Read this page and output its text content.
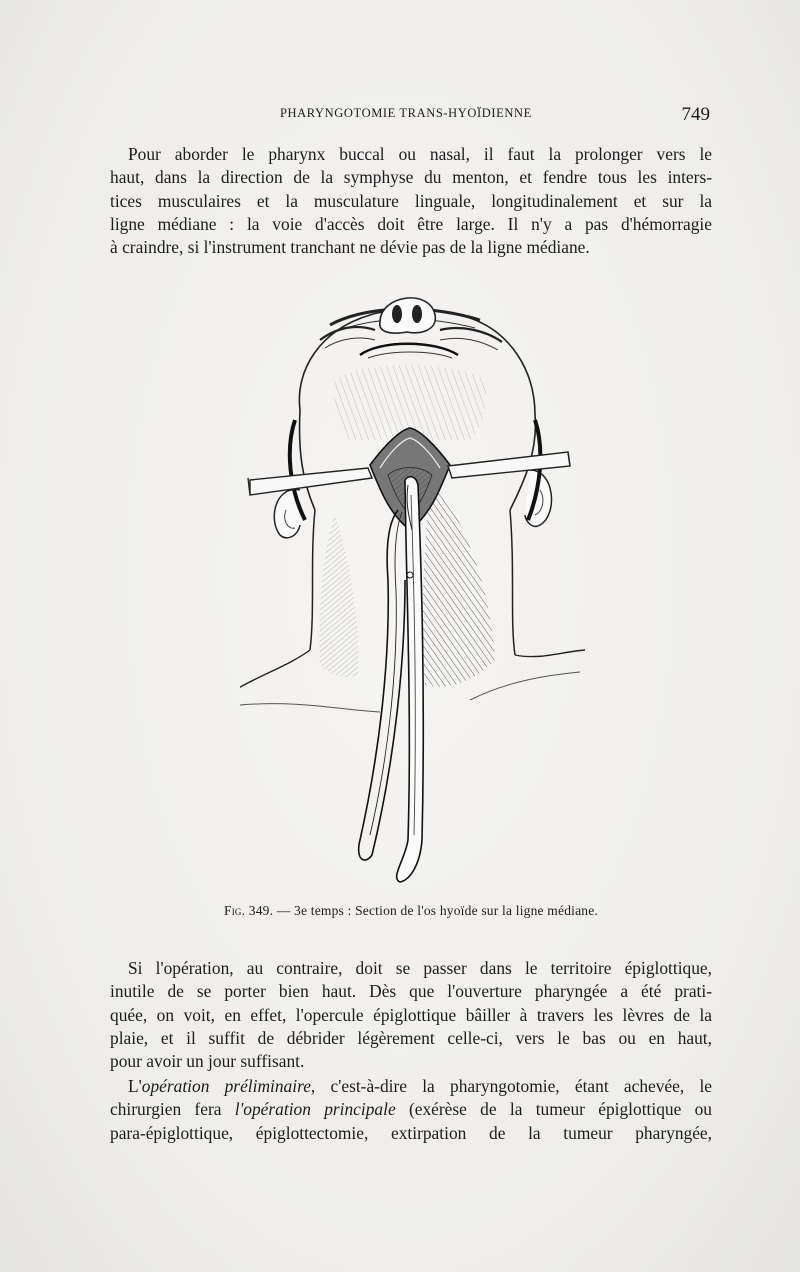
PHARYNGOTOMIE TRANS-HYOÏDIENNE	749
Pour aborder le pharynx buccal ou nasal, il faut la prolonger vers le
haut, dans la direction de la symphyse du menton, et fendre tous les inters-
tices musculaires et la musculature linguale, longitudinalement et sur la
ligne médiane : la voie d'accès doit être large. Il n'y a pas d'hémorragie
à craindre, si l'instrument tranchant ne dévie pas de la ligne médiane.
Fig. 349. — 3e temps : Section de l'os hyoïde sur la ligne médiane.
Si l'opération, au contraire, doit se passer dans le territoire épiglottique,
inutile de se porter bien haut. Dès que l'ouverture pharyngée a été prati-
quée, on voit, en effet, l'opercule épiglottique bâiller à travers les lèvres de la
plaie, et il suffit de débrider légèrement celle-ci, vers le bas ou en haut,
pour avoir un jour suffisant.
L'opération préliminaire, c'est-à-dire la pharyngotomie, étant achevée, le
chirurgien fera l'opération principale (exérèse de la tumeur épiglottique ou
para-épiglottique, épiglottectomie, extirpation de la tumeur pharyngée,
